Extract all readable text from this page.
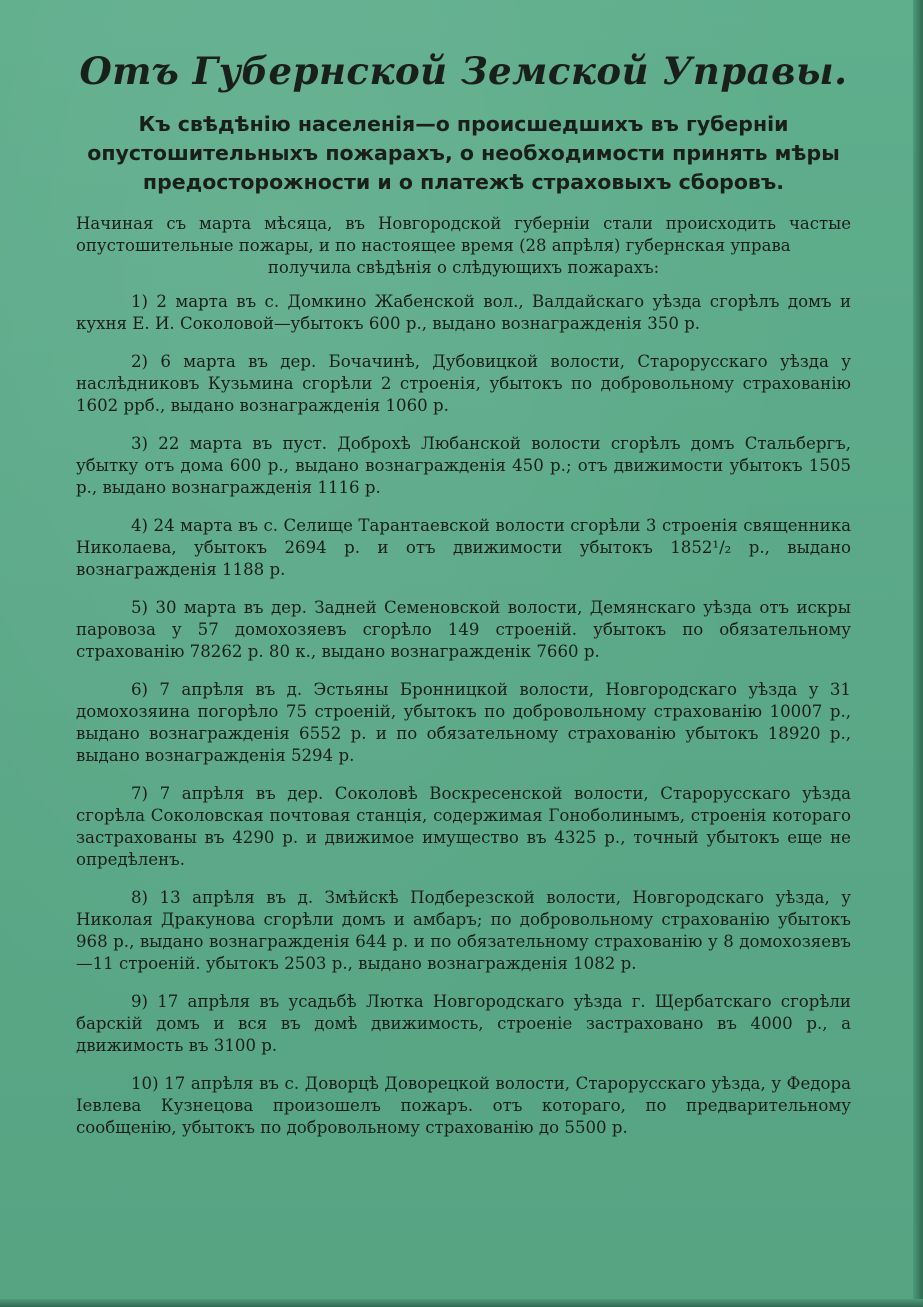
Отъ Губернской Земской Управы.
Къ свѣдѣнію населенія—о происшедшихъ въ губерніи опустошительныхъ пожарахъ, о необходимости принять мѣры предосторожности и о платежѣ страховыхъ сборовъ.

Начиная съ марта мѣсяца, въ Новгородской губерніи стали происходить частые опустошительные пожары, и по настоящее время (28 апрѣля) губернская управа
получила свѣдѣнія о слѣдующихъ пожарахъ:

1) 2 марта въ с. Домкино Жабенской вол., Валдайскаго уѣзда сгорѣлъ домъ и кухня Е. И. Соколовой—убытокъ 600 р., выдано вознагражденія 350 р.

2) 6 марта въ дер. Бочачинѣ, Дубовицкой волости, Старорусскаго уѣзда у наслѣдниковъ Кузьмина сгорѣли 2 строенія, убытокъ по добровольному страхованію 1602 ррб., выдано вознагражденія 1060 р.

3) 22 марта въ пуст. Доброхѣ Любанской волости сгорѣлъ домъ Стальбергъ, убытку отъ дома 600 р., выдано вознагражденія 450 р.; отъ движимости убытокъ 1505 р., выдано вознагражденія 1116 р.

4) 24 марта въ с. Селище Тарантаевской волости сгорѣли 3 строенія священника Николаева, убытокъ 2694 р. и отъ движимости убытокъ 1852¹/₂ р., выдано вознагражденія 1188 р.

5) 30 марта въ дер. Задней Семеновской волости, Демянскаго уѣзда отъ искры паровоза у 57 домохозяевъ сгорѣло 149 строеній. убытокъ по обязательному страхованію 78262 р. 80 к., выдано вознагражденік 7660 р.

6) 7 апрѣля въ д. Эстьяны Бронницкой волости, Новгородскаго уѣзда у 31 домохозяина погорѣло 75 строеній, убытокъ по добровольному страхованію 10007 р., выдано вознагражденія 6552 р. и по обязательному страхованію убытокъ 18920 р., выдано вознагражденія 5294 р.

7) 7 апрѣля въ дер. Соколовѣ Воскресенской волости, Старорусскаго уѣзда сгорѣла Соколовская почтовая станція, содержимая Гоноболинымъ, строенія котораго застрахованы въ 4290 р. и движимое имущество въ 4325 р., точный убытокъ еще не опредѣленъ.

8) 13 апрѣля въ д. Змѣйскѣ Подберезской волости, Новгородскаго уѣзда, у Николая Дракунова сгорѣли домъ и амбаръ; по добровольному страхованію убытокъ 968 р., выдано вознагражденія 644 р. и по обязательному страхованію у 8 домохозяевъ—11 строеній. убытокъ 2503 р., выдано вознагражденія 1082 р.

9) 17 апрѣля въ усадьбѣ Лютка Новгородскаго уѣзда г. Щербатскаго сгорѣли барскій домъ и вся въ домѣ движимость, строеніе застраховано въ 4000 р., а движимость въ 3100 р.

10) 17 апрѣля въ с. Доворцѣ Доворецкой волости, Старорусскаго уѣзда, у Федора Іевлева Кузнецова произошелъ пожаръ. отъ котораго, по предварительному сообщенію, убытокъ по добровольному страхованію до 5500 р.
